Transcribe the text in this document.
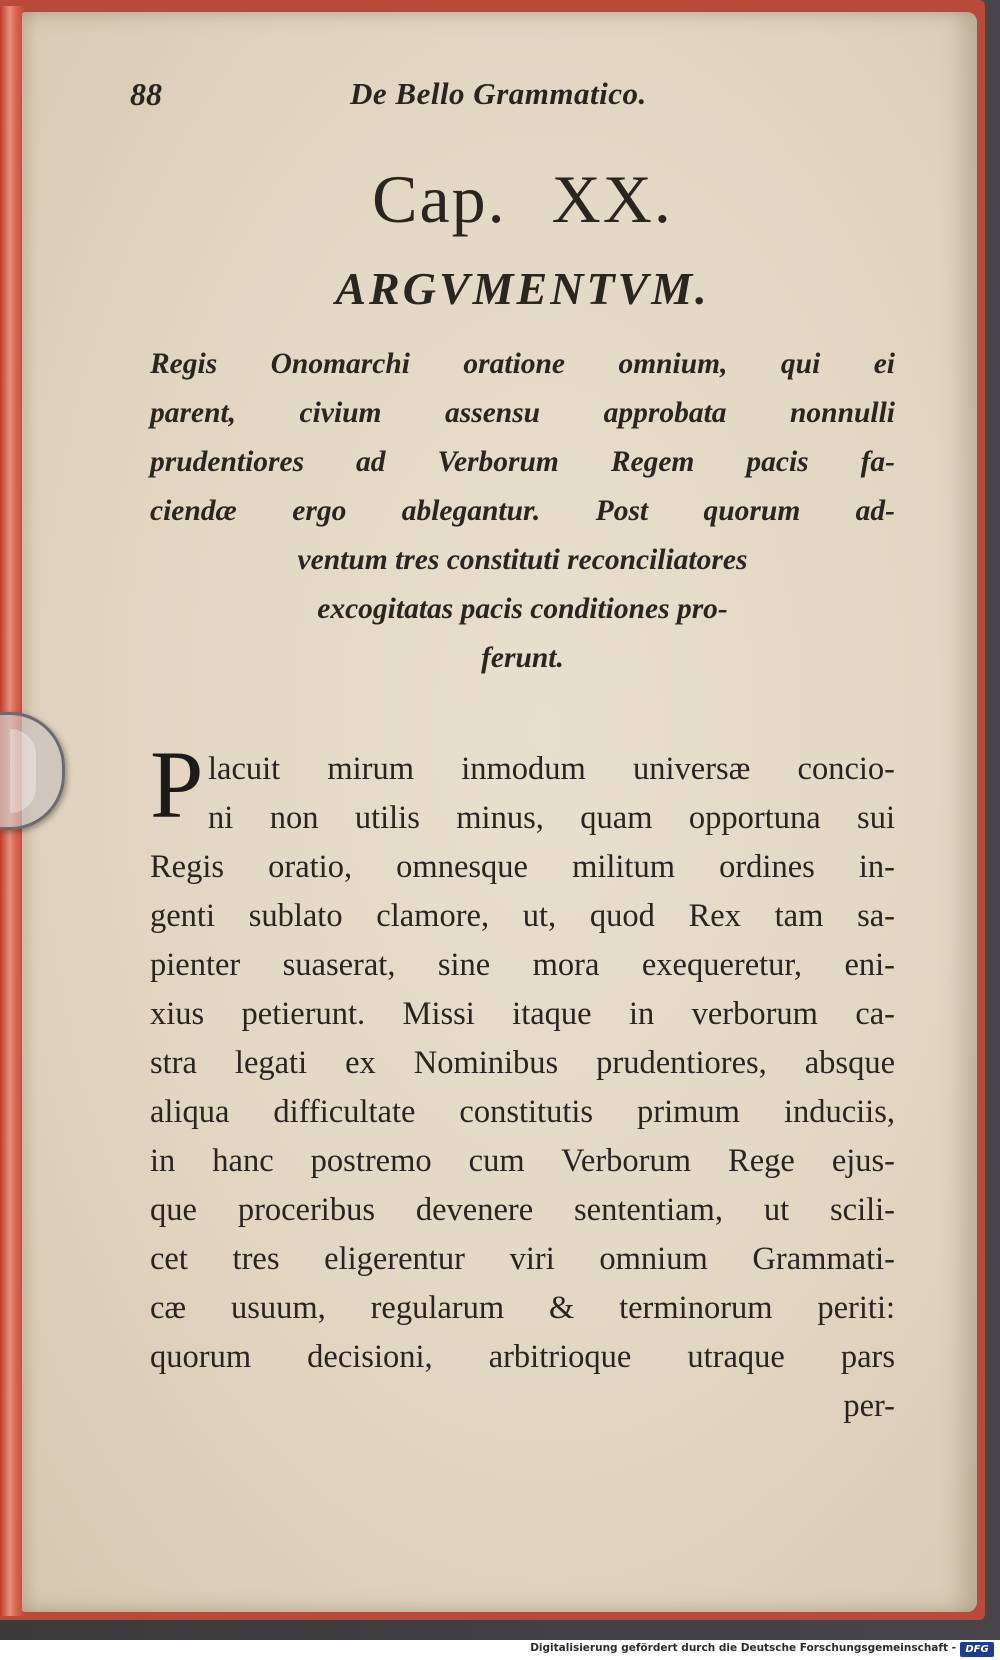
88	De Bello Grammatico.
Cap. XX.
ARGVMENTVM.
Regis Onomarchi oratione omnium, qui ei
parent, civium assensu approbata nonnulli
prudentiores ad Verborum Regem pacis fa-
ciendæ ergo ablegantur. Post quorum ad-
ventum tres constituti reconciliatores
excogitatas pacis conditiones pro-
ferunt.
P lacuit mirum inmodum universæ concio-
ni non utilis minus, quam opportuna sui
Regis oratio, omnesque militum ordines in-
genti sublato clamore, ut, quod Rex tam sa-
pienter suaserat, sine mora exequeretur, eni-
xius petierunt. Missi itaque in verborum ca-
stra legati ex Nominibus prudentiores, absque
aliqua difficultate constitutis primum induciis,
in hanc postremo cum Verborum Rege ejus-
que proceribus devenere sententiam, ut scili-
cet tres eligerentur viri omnium Grammati-
cæ usuum, regularum & terminorum periti:
quorum decisioni, arbitrioque utraque pars
per-
Digitalisierung gefördert durch die Deutsche Forschungsgemeinschaft - DFG
